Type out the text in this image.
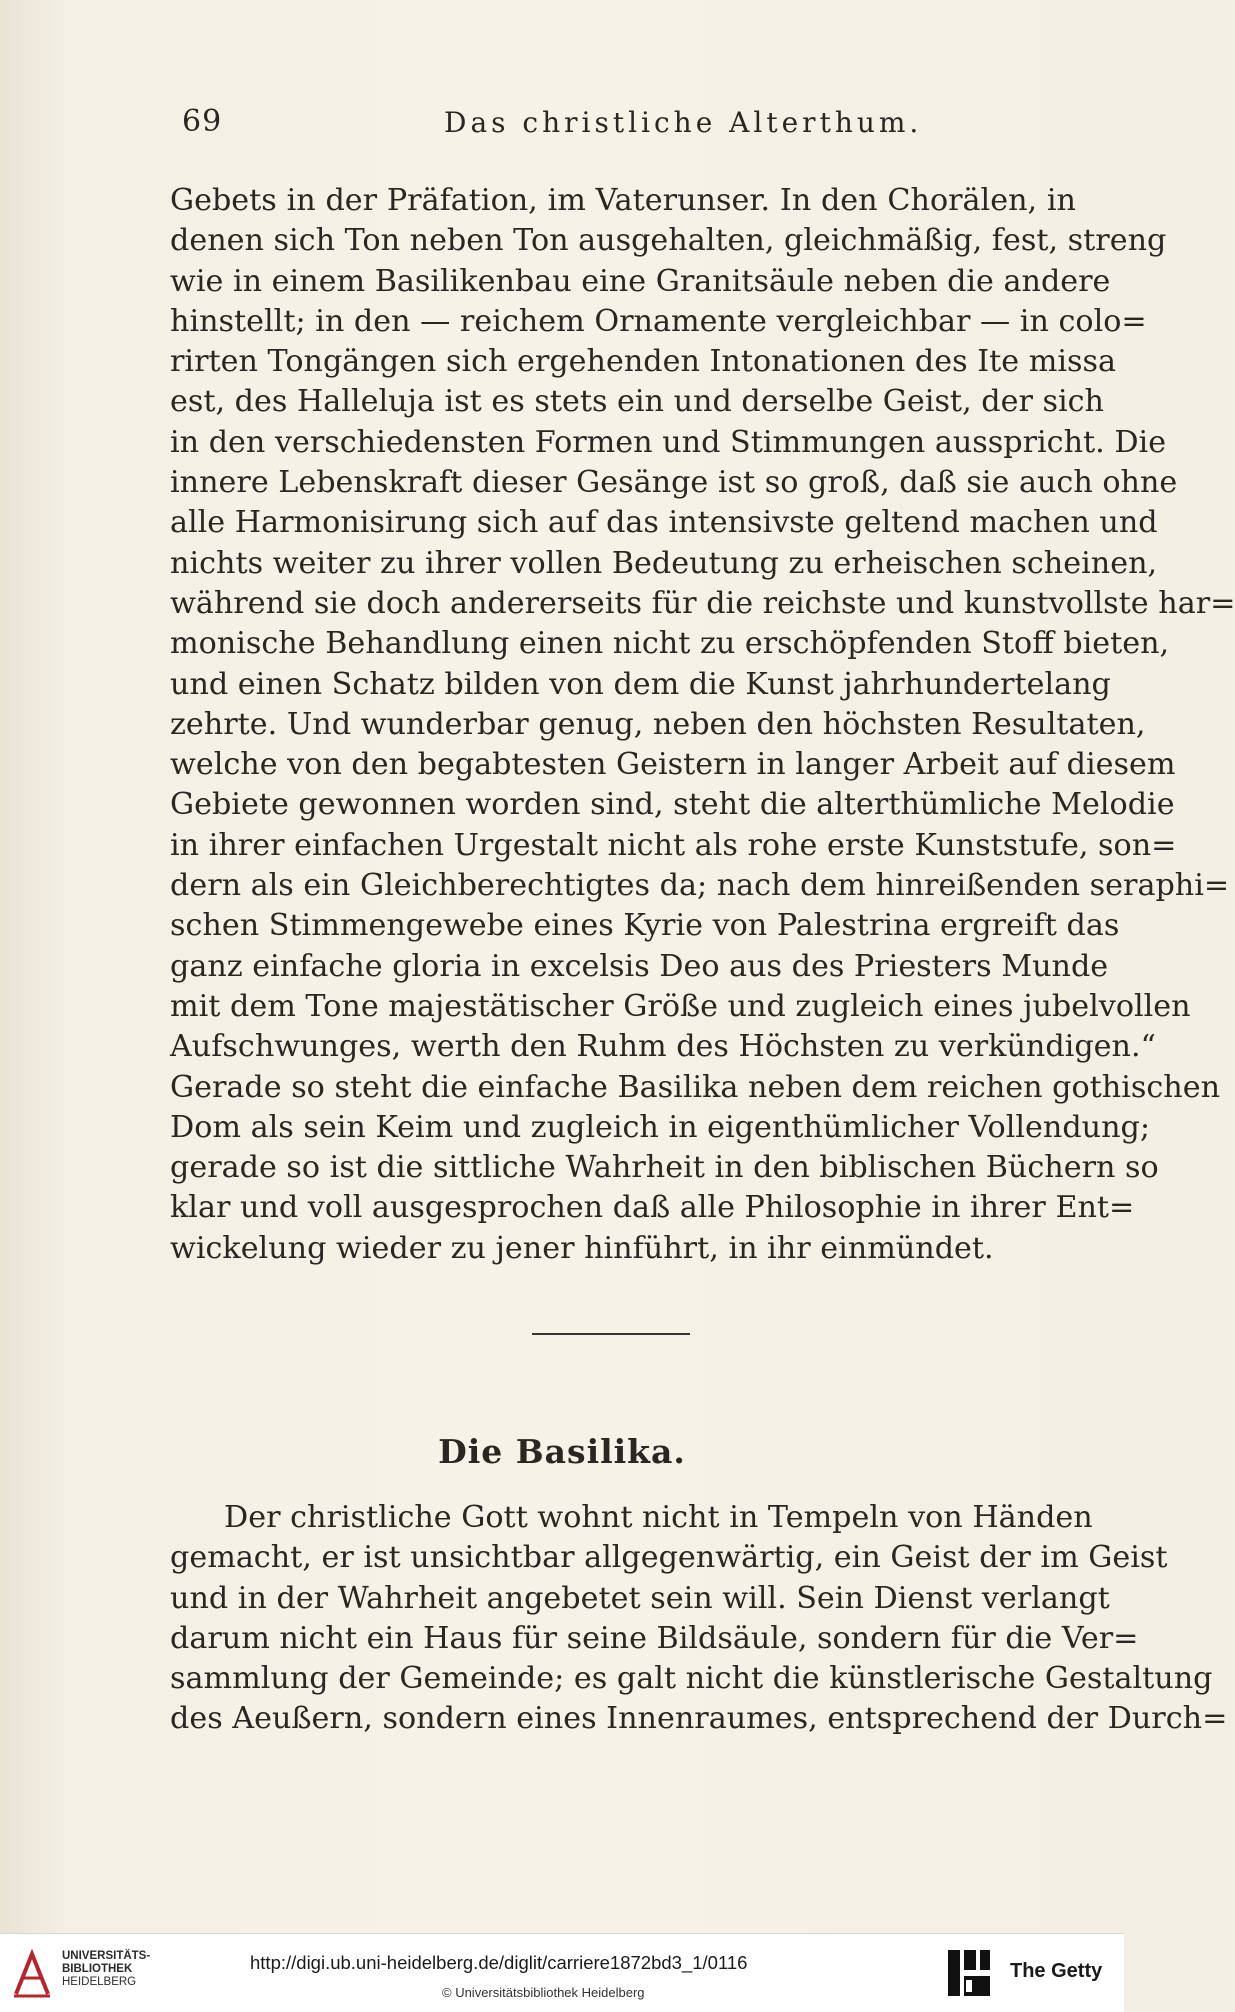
69	Das christliche Alterthum.

Gebets in der Präfation, im Vaterunser. In den Chorälen, in
denen sich Ton neben Ton ausgehalten, gleichmäßig, fest, streng
wie in einem Basilikenbau eine Granitsäule neben die andere
hinstellt; in den — reichem Ornamente vergleichbar — in colo=
rirten Tongängen sich ergehenden Intonationen des Ite missa
est, des Halleluja ist es stets ein und derselbe Geist, der sich
in den verschiedensten Formen und Stimmungen ausspricht. Die
innere Lebenskraft dieser Gesänge ist so groß, daß sie auch ohne
alle Harmonisirung sich auf das intensivste geltend machen und
nichts weiter zu ihrer vollen Bedeutung zu erheischen scheinen,
während sie doch andererseits für die reichste und kunstvollste har=
monische Behandlung einen nicht zu erschöpfenden Stoff bieten,
und einen Schatz bilden von dem die Kunst jahrhundertelang
zehrte. Und wunderbar genug, neben den höchsten Resultaten,
welche von den begabtesten Geistern in langer Arbeit auf diesem
Gebiete gewonnen worden sind, steht die alterthümliche Melodie
in ihrer einfachen Urgestalt nicht als rohe erste Kunststufe, son=
dern als ein Gleichberechtigtes da; nach dem hinreißenden seraphi=
schen Stimmengewebe eines Kyrie von Palestrina ergreift das
ganz einfache gloria in excelsis Deo aus des Priesters Munde
mit dem Tone majestätischer Größe und zugleich eines jubelvollen
Aufschwunges, werth den Ruhm des Höchsten zu verkündigen.“
Gerade so steht die einfache Basilika neben dem reichen gothischen
Dom als sein Keim und zugleich in eigenthümlicher Vollendung;
gerade so ist die sittliche Wahrheit in den biblischen Büchern so
klar und voll ausgesprochen daß alle Philosophie in ihrer Ent=
wickelung wieder zu jener hinführt, in ihr einmündet.

Die Basilika.

Der christliche Gott wohnt nicht in Tempeln von Händen
gemacht, er ist unsichtbar allgegenwärtig, ein Geist der im Geist
und in der Wahrheit angebetet sein will. Sein Dienst verlangt
darum nicht ein Haus für seine Bildsäule, sondern für die Ver=
sammlung der Gemeinde; es galt nicht die künstlerische Gestaltung
des Aeußern, sondern eines Innenraumes, entsprechend der Durch=

UNIVERSITÄTS-
BIBLIOTHEK
HEIDELBERG
http://digi.ub.uni-heidelberg.de/diglit/carriere1872bd3_1/0116
© Universitätsbibliothek Heidelberg
The Getty
